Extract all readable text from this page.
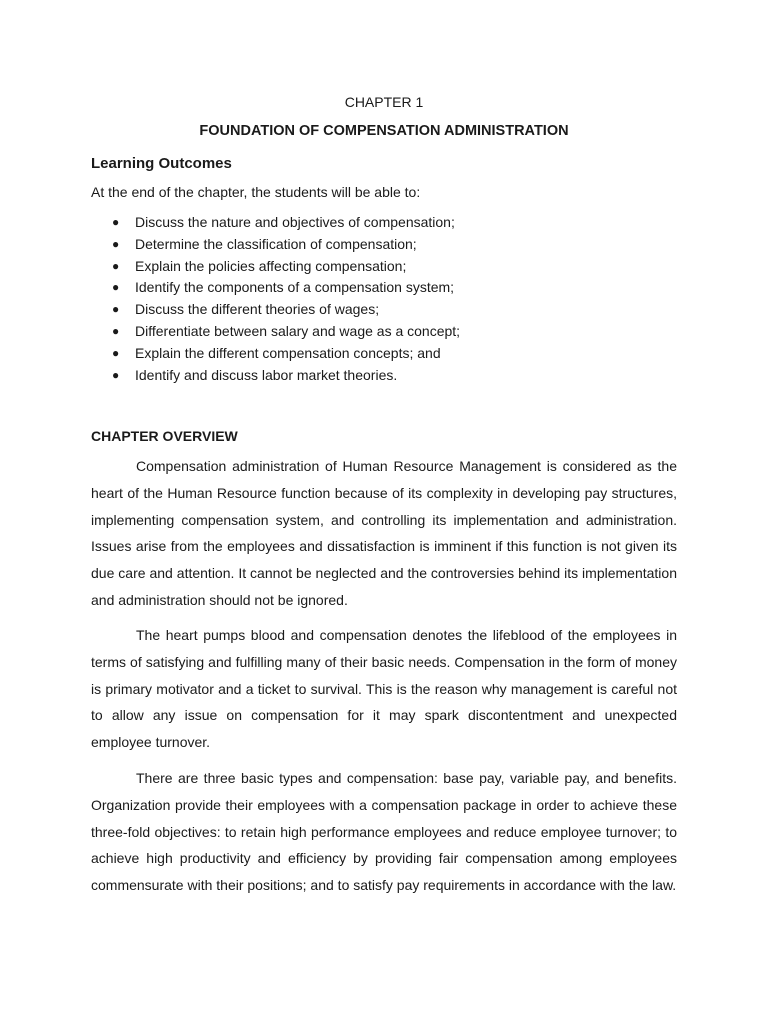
CHAPTER 1
FOUNDATION OF COMPENSATION ADMINISTRATION
Learning Outcomes
At the end of the chapter, the students will be able to:
● Discuss the nature and objectives of compensation;
● Determine the classification of compensation;
● Explain the policies affecting compensation;
● Identify the components of a compensation system;
● Discuss the different theories of wages;
● Differentiate between salary and wage as a concept;
● Explain the different compensation concepts; and
● Identify and discuss labor market theories.
CHAPTER OVERVIEW

Compensation administration of Human Resource Management is considered as the heart of the Human Resource function because of its complexity in developing pay structures, implementing compensation system, and controlling its implementation and administration. Issues arise from the employees and dissatisfaction is imminent if this function is not given its due care and attention. It cannot be neglected and the controversies behind its implementation and administration should not be ignored.

The heart pumps blood and compensation denotes the lifeblood of the employees in terms of satisfying and fulfilling many of their basic needs. Compensation in the form of money is primary motivator and a ticket to survival. This is the reason why management is careful not to allow any issue on compensation for it may spark discontentment and unexpected employee turnover.

There are three basic types and compensation: base pay, variable pay, and benefits. Organization provide their employees with a compensation package in order to achieve these three-fold objectives: to retain high performance employees and reduce employee turnover; to achieve high productivity and efficiency by providing fair compensation among employees commensurate with their positions; and to satisfy pay requirements in accordance with the law.
